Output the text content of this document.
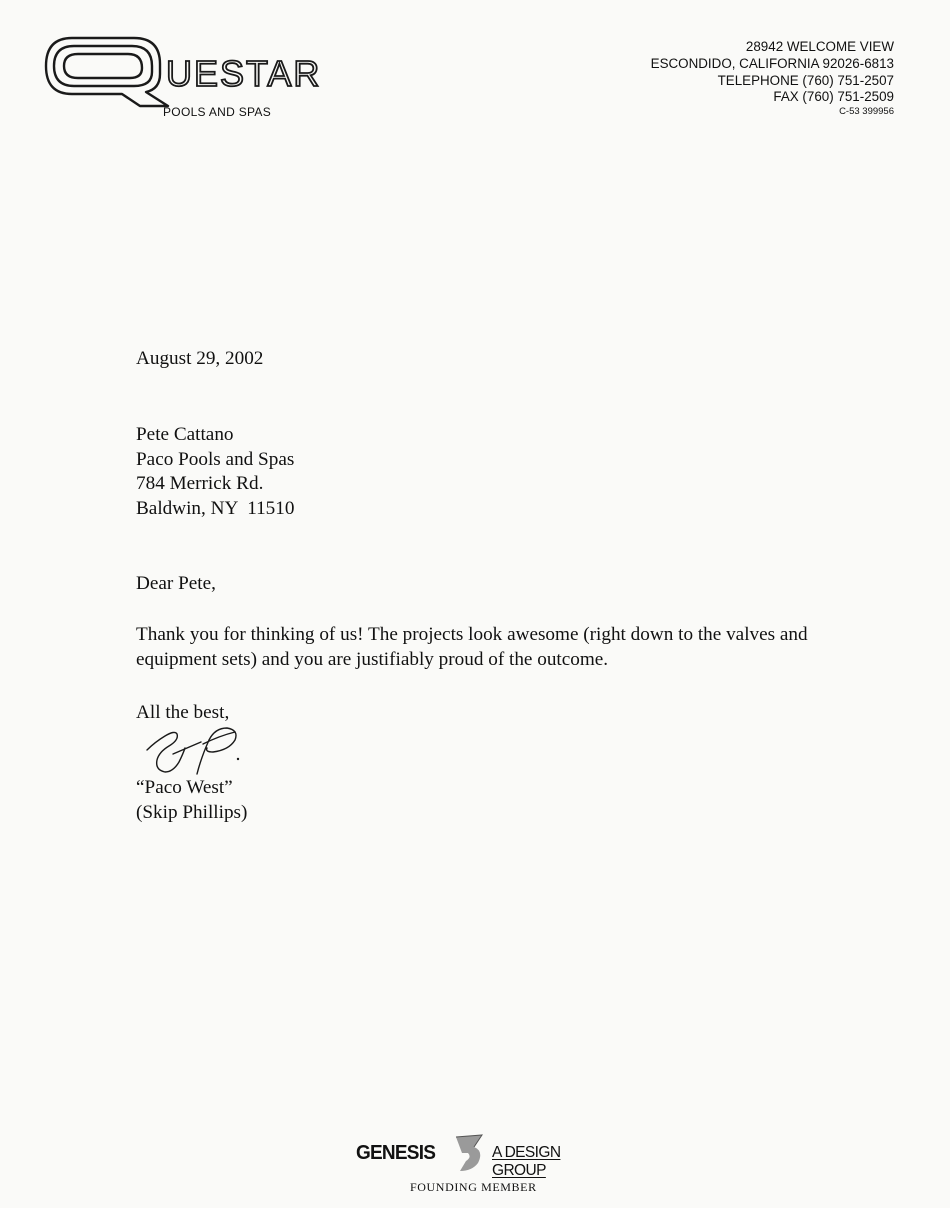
UESTAR
POOLS AND SPAS
28942 WELCOME VIEW
ESCONDIDO, CALIFORNIA 92026-6813
TELEPHONE (760) 751-2507
FAX (760) 751-2509
C-53 399956
August 29, 2002
Pete Cattano
Paco Pools and Spas
784 Merrick Rd.
Baldwin, NY  11510
Dear Pete,
Thank you for thinking of us! The projects look awesome (right down to the valves and equipment sets) and you are justifiably proud of the outcome.
All the best,
“Paco West”
(Skip Phillips)
GENESIS	A DESIGN GROUP
FOUNDING MEMBER
